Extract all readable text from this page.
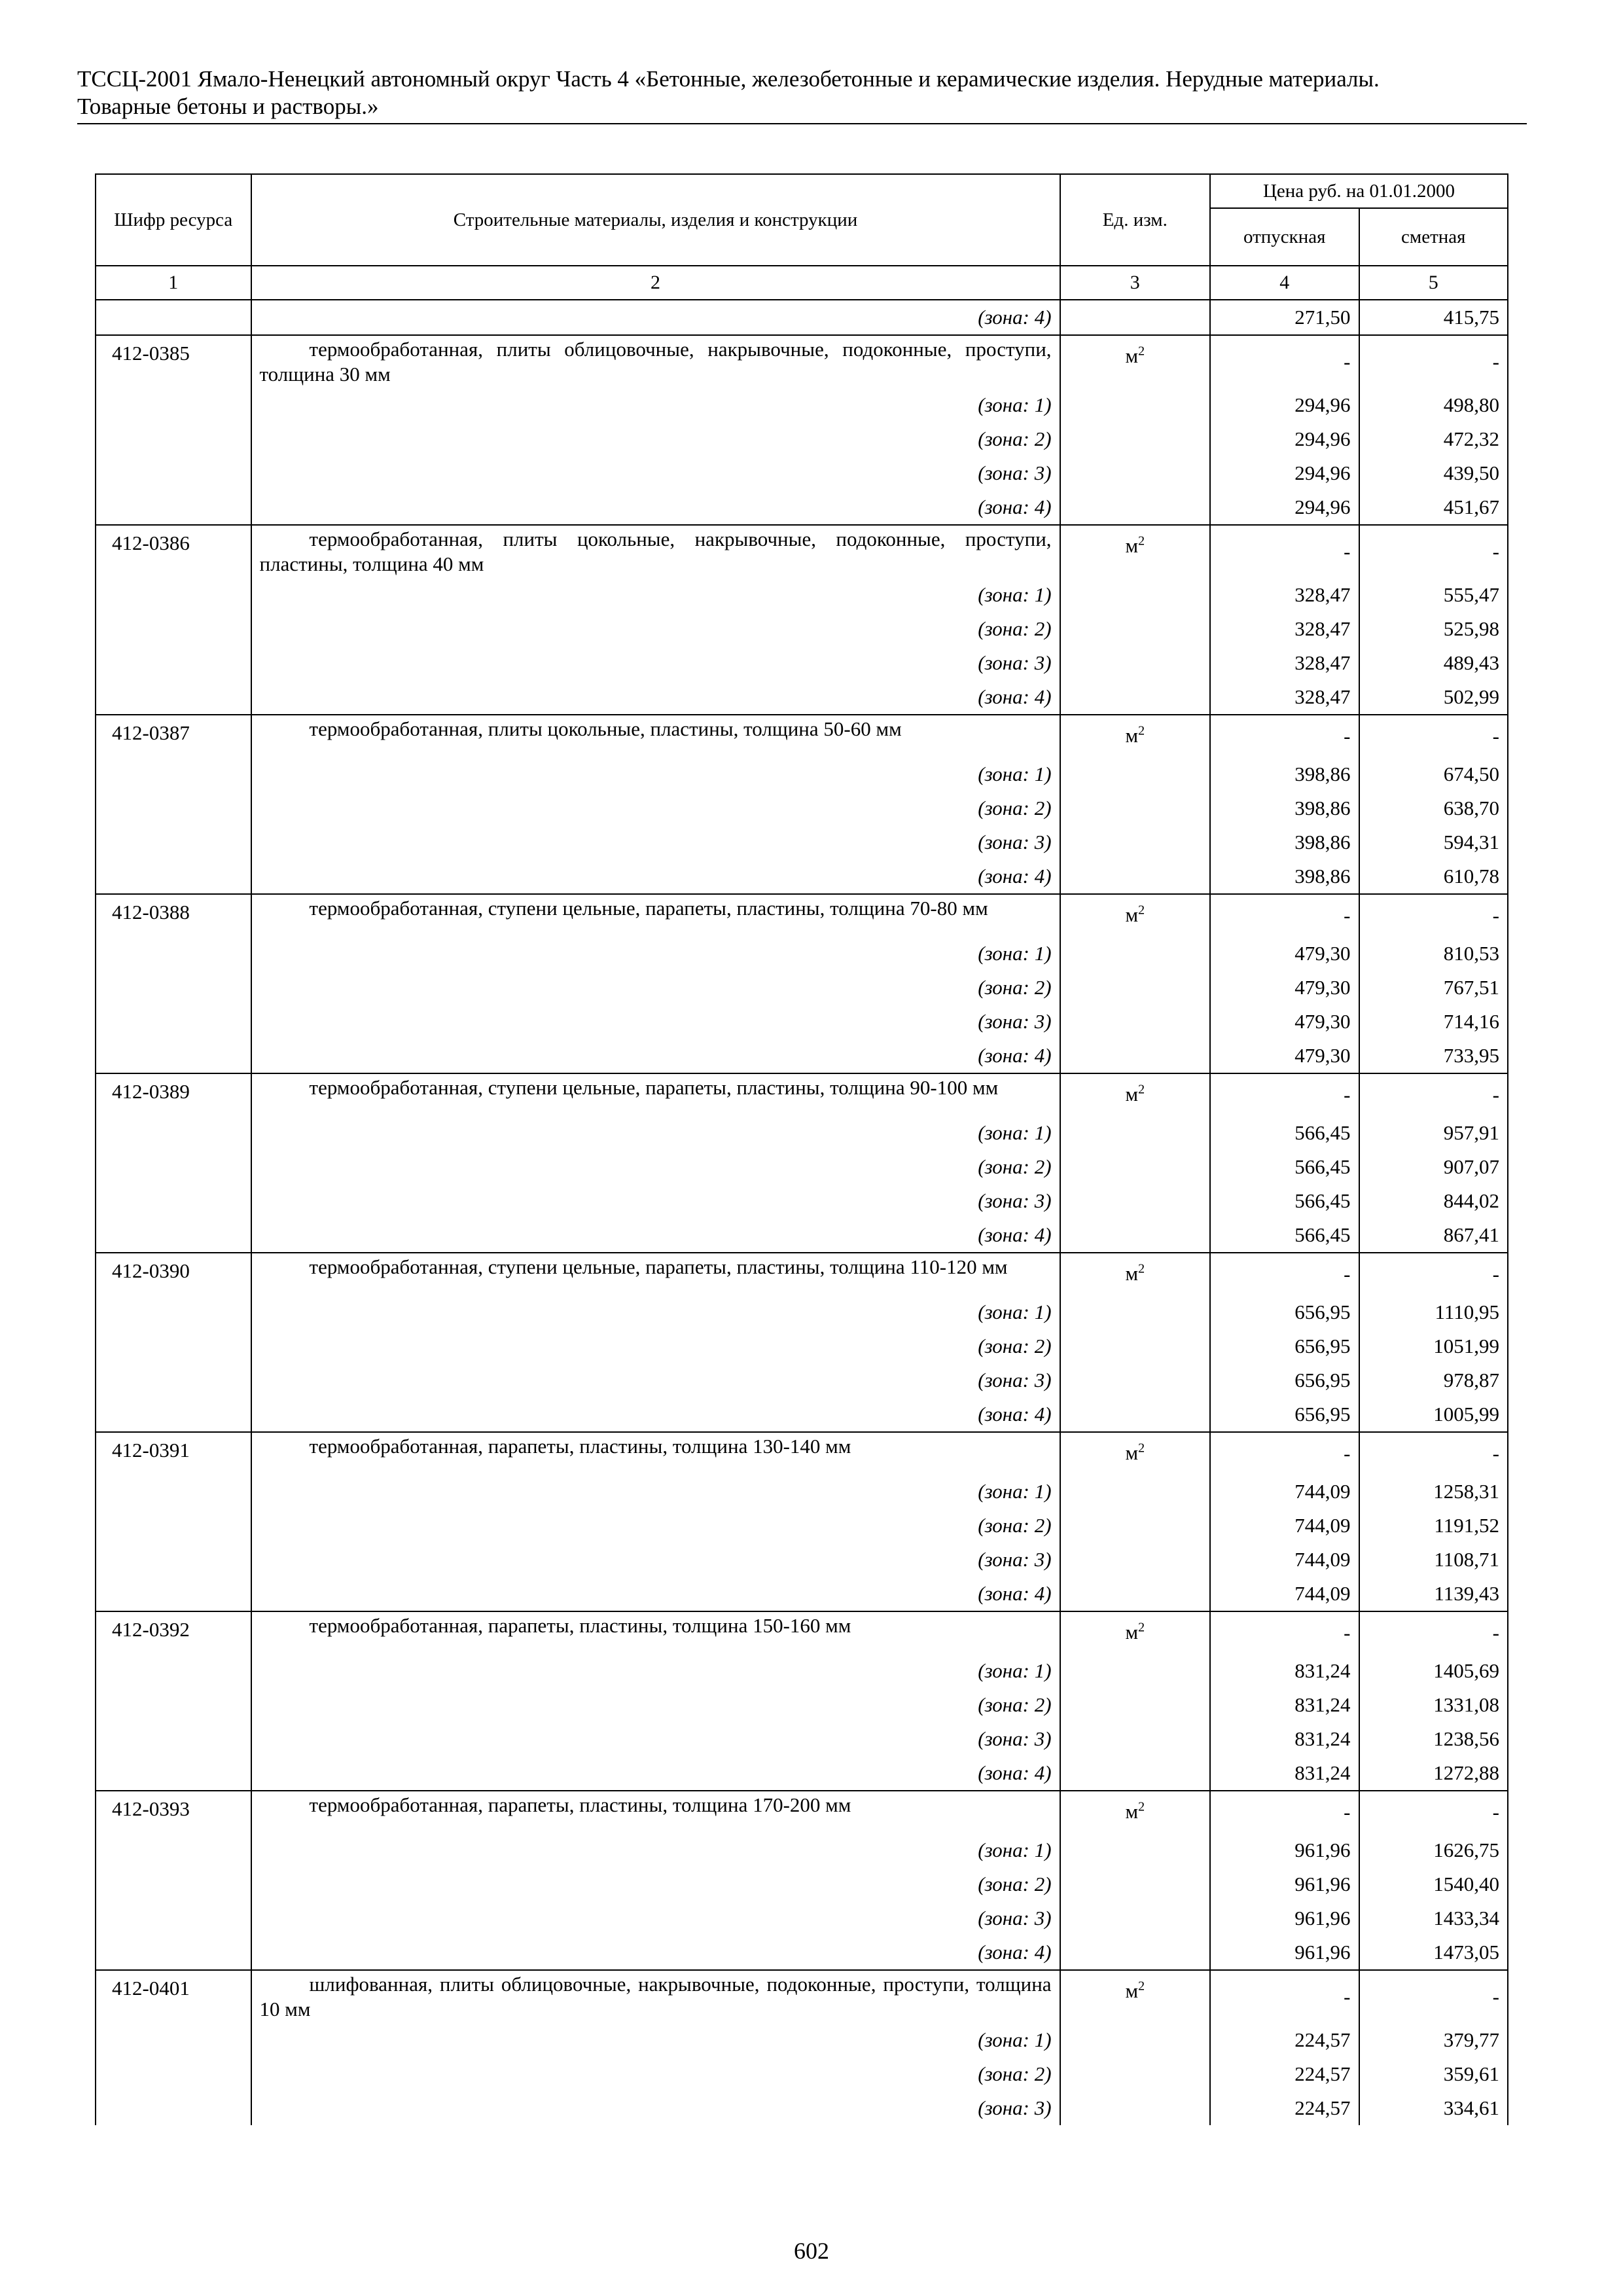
ТССЦ-2001 Ямало-Ненецкий автономный округ Часть 4 «Бетонные, железобетонные и керамические изделия. Нерудные материалы.
Товарные бетоны и растворы.»
Шифр ресурса	Строительные материалы, изделия и конструкции	Ед. изм.	Цена руб. на 01.01.2000	
			отпускная	сметная
1	2	3	4	5
	(зона: 4)		271,50	415,75
412-0385	термообработанная, плиты облицовочные, накрывочные, подоконные, проступи, толщина 30 мм	$м^2$	-	-
	(зона: 1)		294,96	498,80
	(зона: 2)		294,96	472,32
	(зона: 3)		294,96	439,50
	(зона: 4)		294,96	451,67
412-0386	термообработанная, плиты цокольные, накрывочные, подоконные, проступи, пластины, толщина 40 мм	$м^2$	-	-
	(зона: 1)		328,47	555,47
	(зона: 2)		328,47	525,98
	(зона: 3)		328,47	489,43
	(зона: 4)		328,47	502,99
412-0387	термообработанная, плиты цокольные, пластины, толщина 50-60 мм	$м^2$	-	-
	(зона: 1)		398,86	674,50
	(зона: 2)		398,86	638,70
	(зона: 3)		398,86	594,31
	(зона: 4)		398,86	610,78
412-0388	термообработанная, ступени цельные, парапеты, пластины, толщина 70-80 мм	$м^2$	-	-
	(зона: 1)		479,30	810,53
	(зона: 2)		479,30	767,51
	(зона: 3)		479,30	714,16
	(зона: 4)		479,30	733,95
412-0389	термообработанная, ступени цельные, парапеты, пластины, толщина 90-100 мм	$м^2$	-	-
	(зона: 1)		566,45	957,91
	(зона: 2)		566,45	907,07
	(зона: 3)		566,45	844,02
	(зона: 4)		566,45	867,41
412-0390	термообработанная, ступени цельные, парапеты, пластины, толщина 110-120 мм	$м^2$	-	-
	(зона: 1)		656,95	1110,95
	(зона: 2)		656,95	1051,99
	(зона: 3)		656,95	978,87
	(зона: 4)		656,95	1005,99
412-0391	термообработанная, парапеты, пластины, толщина 130-140 мм	$м^2$	-	-
	(зона: 1)		744,09	1258,31
	(зона: 2)		744,09	1191,52
	(зона: 3)		744,09	1108,71
	(зона: 4)		744,09	1139,43
412-0392	термообработанная, парапеты, пластины, толщина 150-160 мм	$м^2$	-	-
	(зона: 1)		831,24	1405,69
	(зона: 2)		831,24	1331,08
	(зона: 3)		831,24	1238,56
	(зона: 4)		831,24	1272,88
412-0393	термообработанная, парапеты, пластины, толщина 170-200 мм	$м^2$	-	-
	(зона: 1)		961,96	1626,75
	(зона: 2)		961,96	1540,40
	(зона: 3)		961,96	1433,34
	(зона: 4)		961,96	1473,05
412-0401	шлифованная, плиты облицовочные, накрывочные, подоконные, проступи, толщина 10 мм	$м^2$	-	-
	(зона: 1)		224,57	379,77
	(зона: 2)		224,57	359,61
	(зона: 3)		224,57	334,61
602
